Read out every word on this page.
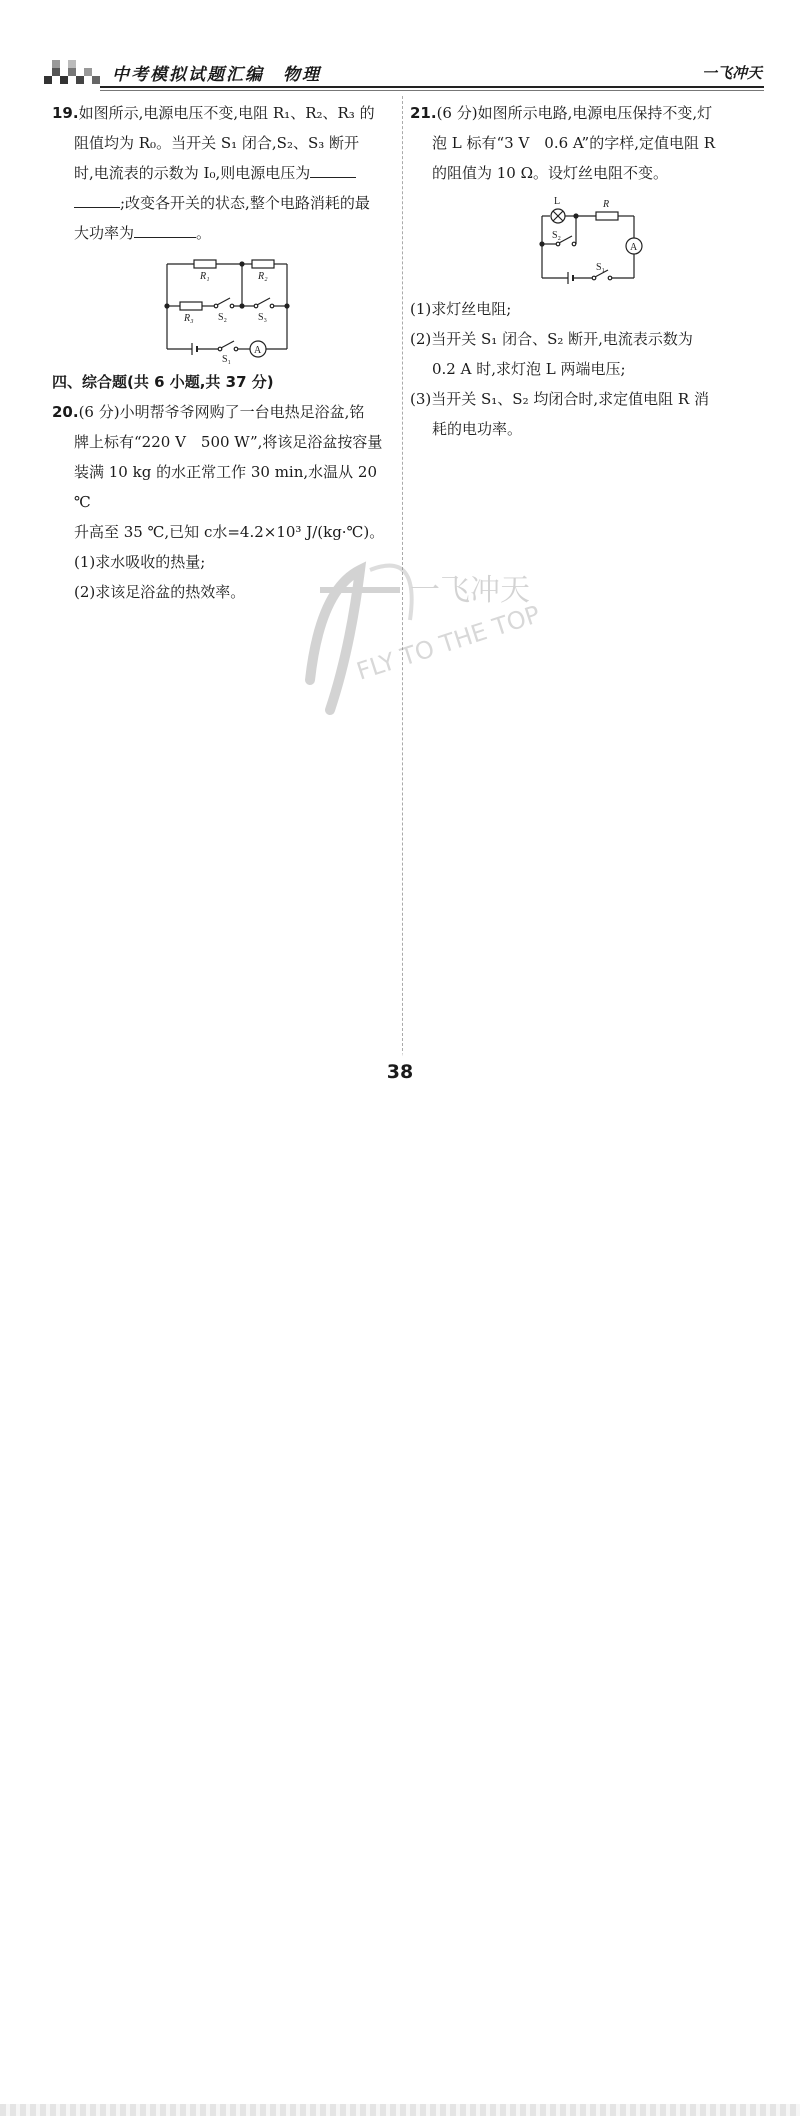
中考模拟试题汇编　物理	一飞冲天

19.如图所示,电源电压不变,电阻 R₁、R₂、R₃ 的

阻值均为 R₀。当开关 S₁ 闭合,S₂、S₃ 断开

时,电流表的示数为 I₀,则电源电压为

;改变各开关的状态,整个电路消耗的最

大功率为	。

R₁	R₂
R₃ S₂	S₃
S₁
A

四、综合题(共 6 小题,共 37 分)

20.(6 分)小明帮爷爷网购了一台电热足浴盆,铭

牌上标有“220 V　500 W”,将该足浴盆按容量

装满 10 kg 的水正常工作 30 min,水温从 20 ℃

升高至 35 ℃,已知 c水=4.2×10³ J/(kg·℃)。

(1)求水吸收的热量;

(2)求该足浴盆的热效率。

21.(6 分)如图所示电路,电源电压保持不变,灯

泡 L 标有“3 V　0.6 A”的字样,定值电阻 R

的阻值为 10 Ω。设灯丝电阻不变。

L	R
S₂
S₁
A

(1)求灯丝电阻;

(2)当开关 S₁ 闭合、S₂ 断开,电流表示数为

0.2 A 时,求灯泡 L 两端电压;

(3)当开关 S₁、S₂ 均闭合时,求定值电阻 R 消

耗的电功率。

一飞冲天
FLY TO THE TOP
38
